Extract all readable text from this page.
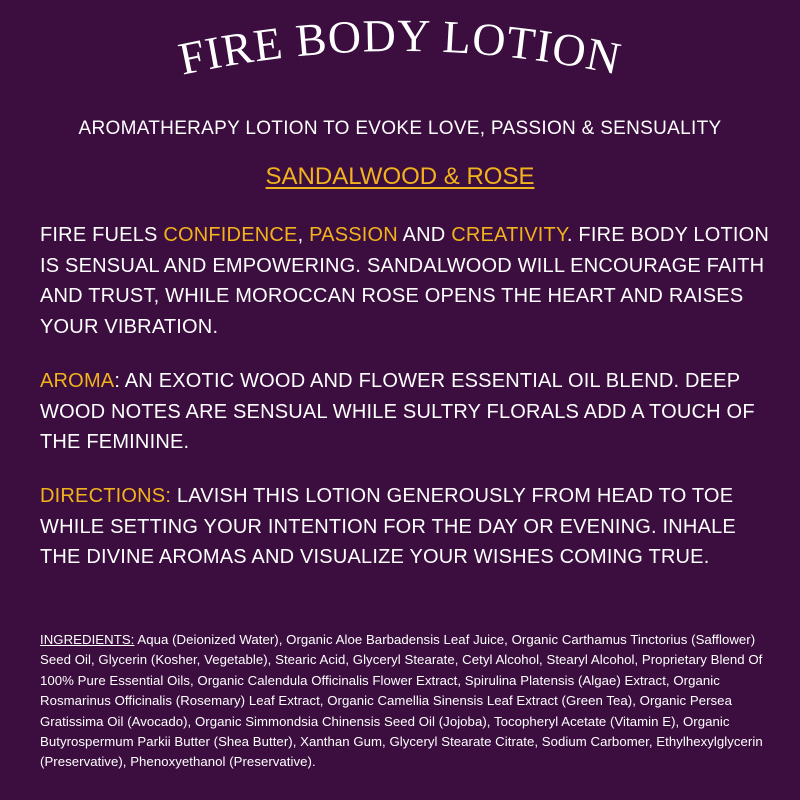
FIRE BODY LOTION
AROMATHERAPY LOTION TO EVOKE LOVE, PASSION & SENSUALITY
SANDALWOOD & ROSE
FIRE FUELS CONFIDENCE, PASSION AND CREATIVITY. FIRE BODY LOTION IS SENSUAL AND EMPOWERING. SANDALWOOD WILL ENCOURAGE FAITH AND TRUST, WHILE MOROCCAN ROSE OPENS THE HEART AND RAISES YOUR VIBRATION.
AROMA: AN EXOTIC WOOD AND FLOWER ESSENTIAL OIL BLEND. DEEP WOOD NOTES ARE SENSUAL WHILE SULTRY FLORALS ADD A TOUCH OF THE FEMININE.
DIRECTIONS: LAVISH THIS LOTION GENEROUSLY FROM HEAD TO TOE WHILE SETTING YOUR INTENTION FOR THE DAY OR EVENING. INHALE THE DIVINE AROMAS AND VISUALIZE YOUR WISHES COMING TRUE.
INGREDIENTS: Aqua (Deionized Water), Organic Aloe Barbadensis Leaf Juice, Organic Carthamus Tinctorius (Safflower) Seed Oil, Glycerin (Kosher, Vegetable), Stearic Acid, Glyceryl Stearate, Cetyl Alcohol, Stearyl Alcohol, Proprietary Blend Of 100% Pure Essential Oils, Organic Calendula Officinalis Flower Extract, Spirulina Platensis (Algae) Extract, Organic Rosmarinus Officinalis (Rosemary) Leaf Extract, Organic Camellia Sinensis Leaf Extract (Green Tea), Organic Persea Gratissima Oil (Avocado), Organic Simmondsia Chinensis Seed Oil (Jojoba), Tocopheryl Acetate (Vitamin E), Organic Butyrospermum Parkii Butter (Shea Butter), Xanthan Gum, Glyceryl Stearate Citrate, Sodium Carbomer, Ethylhexylglycerin (Preservative), Phenoxyethanol (Preservative).
